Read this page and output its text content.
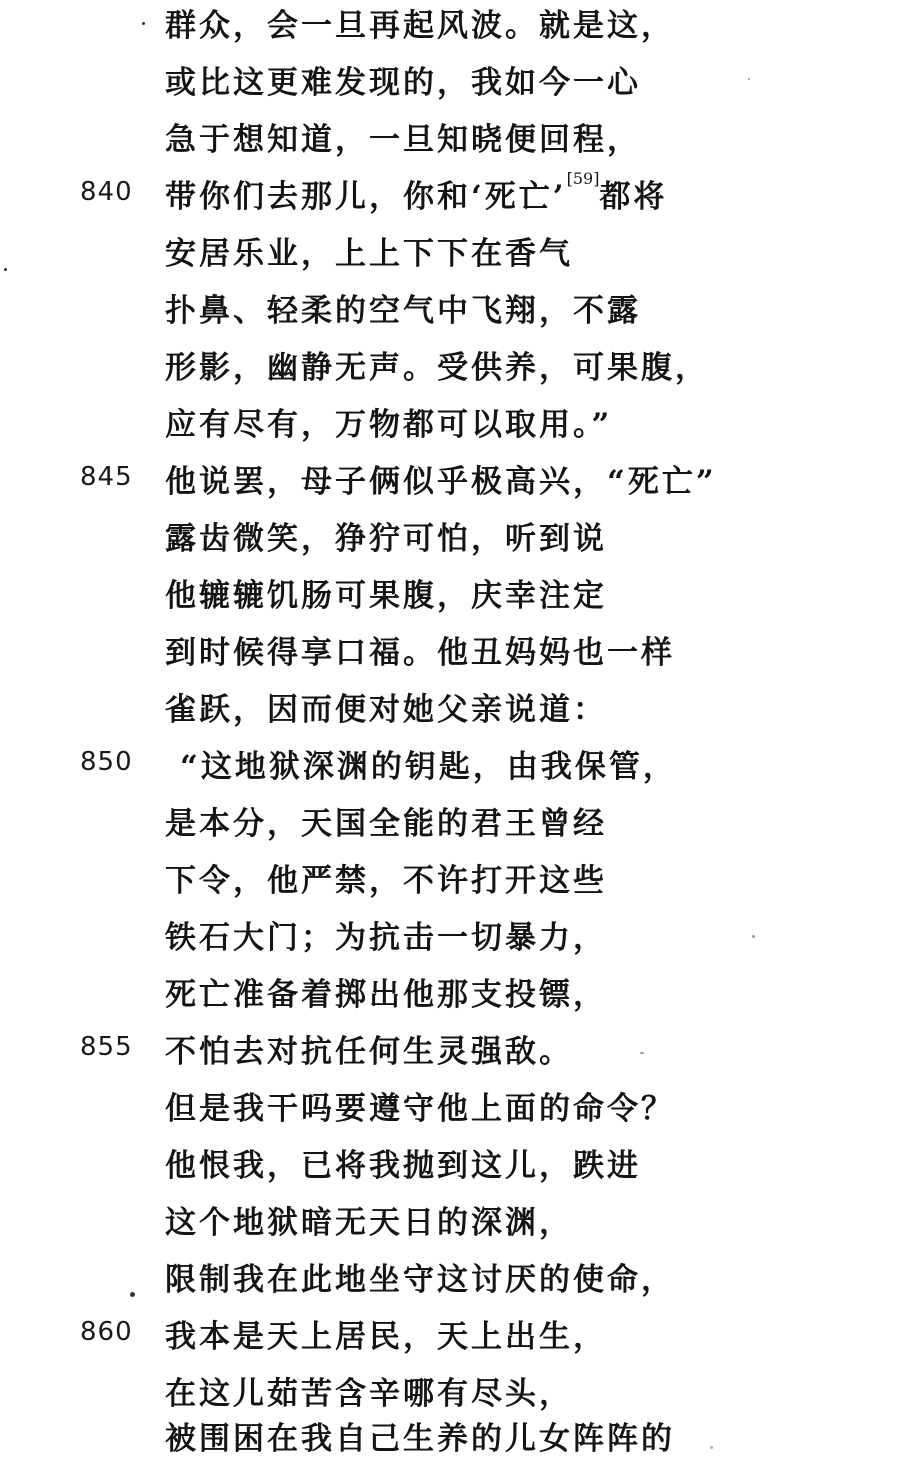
群众，会一旦再起风波。就是这，
或比这更难发现的，我如今一心
急于想知道，一旦知晓便回程，
840 带你们去那儿，你和‘死亡’[59]都将
安居乐业，上上下下在香气
扑鼻、轻柔的空气中飞翔，不露
形影，幽静无声。受供养，可果腹，
应有尽有，万物都可以取用。”
845 他说罢，母子俩似乎极高兴，“死亡”
露齿微笑，狰狞可怕，听到说
他辘辘饥肠可果腹，庆幸注定
到时候得享口福。他丑妈妈也一样
雀跃，因而便对她父亲说道：
850 “这地狱深渊的钥匙，由我保管，
是本分，天国全能的君王曾经
下令，他严禁，不许打开这些
铁石大门；为抗击一切暴力，
死亡准备着掷出他那支投镖，
855 不怕去对抗任何生灵强敌。
但是我干吗要遵守他上面的命令？
他恨我，已将我抛到这儿，跌进
这个地狱暗无天日的深渊，
限制我在此地坐守这讨厌的使命，
860 我本是天上居民，天上出生，
在这儿茹苦含辛哪有尽头，
被围困在我自己生养的儿女阵阵的
